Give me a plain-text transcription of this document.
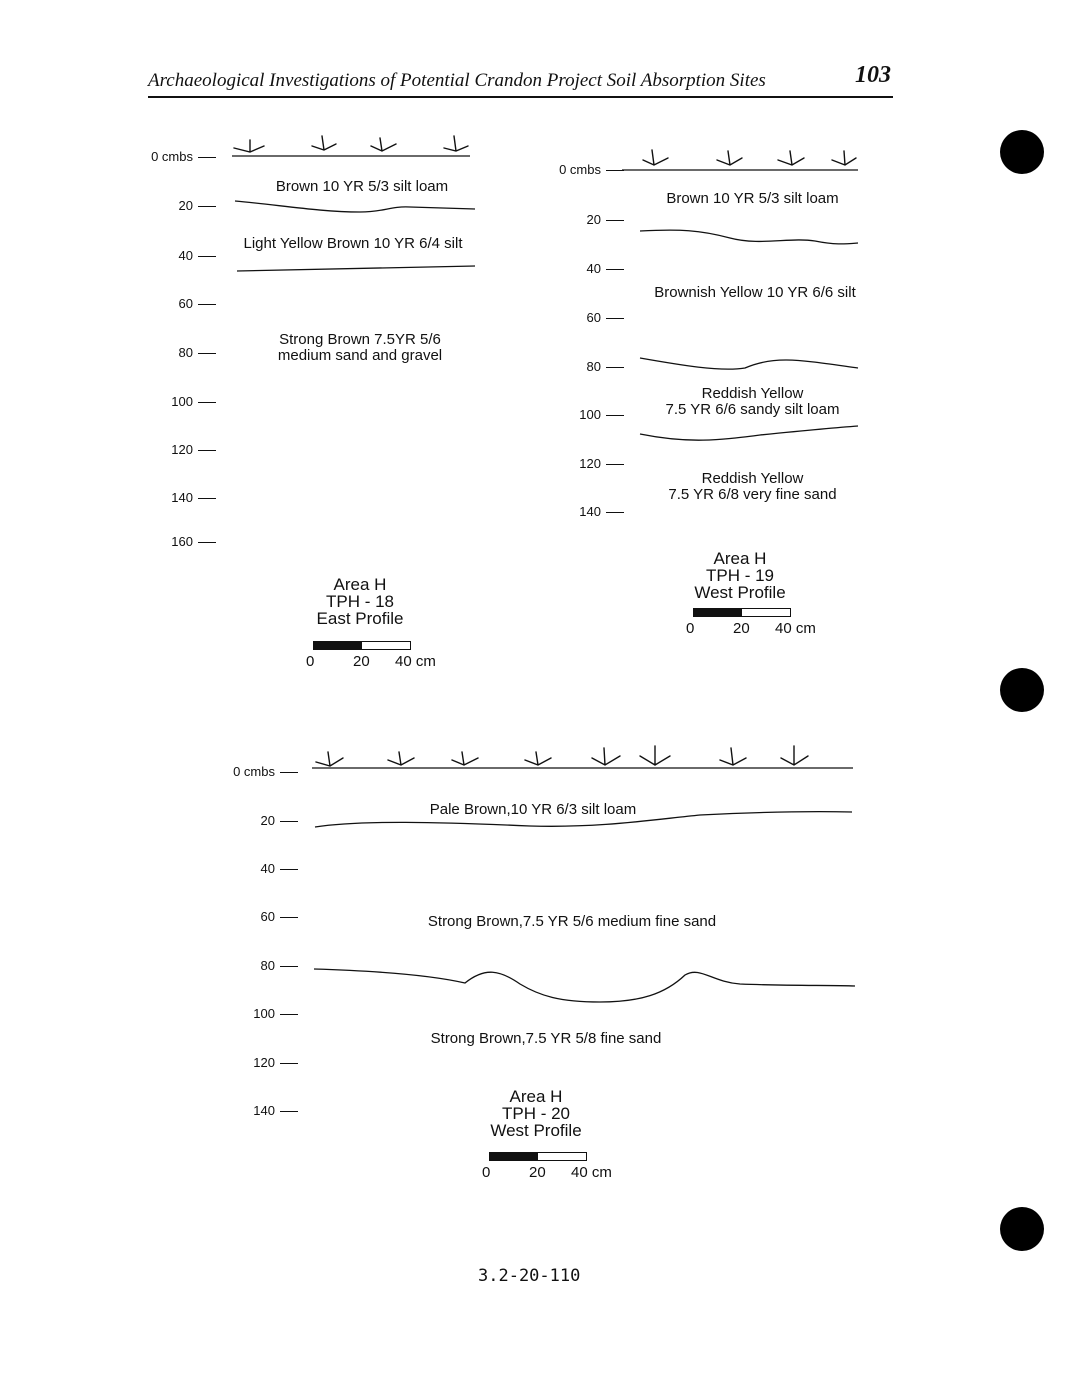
Archaeological Investigations of Potential Crandon Project Soil Absorption Sites	103
0 cmbs
20
40
60
80
100
120
140
160
Brown 10 YR 5/3 silt loam
Light Yellow Brown 10 YR 6/4 silt
Strong Brown 7.5YR 5/6
medium sand and gravel
Area H
TPH - 18
East Profile
0	20 40 cm
0 cmbs
20
40
60
80
100
120
140
Brown 10 YR 5/3 silt loam
Brownish Yellow 10 YR 6/6 silt
Reddish Yellow
7.5 YR 6/6 sandy silt loam
Reddish Yellow
7.5 YR 6/8 very fine sand
Area H
TPH - 19
West Profile
0	20 40 cm
0 cmbs
20
40
60
80
100
120
140
Pale Brown,10 YR 6/3 silt loam
Strong Brown,7.5 YR 5/6 medium fine sand
Strong Brown,7.5 YR 5/8 fine sand
Area H
TPH - 20
West Profile
0	20 40 cm
3.2-20-110
